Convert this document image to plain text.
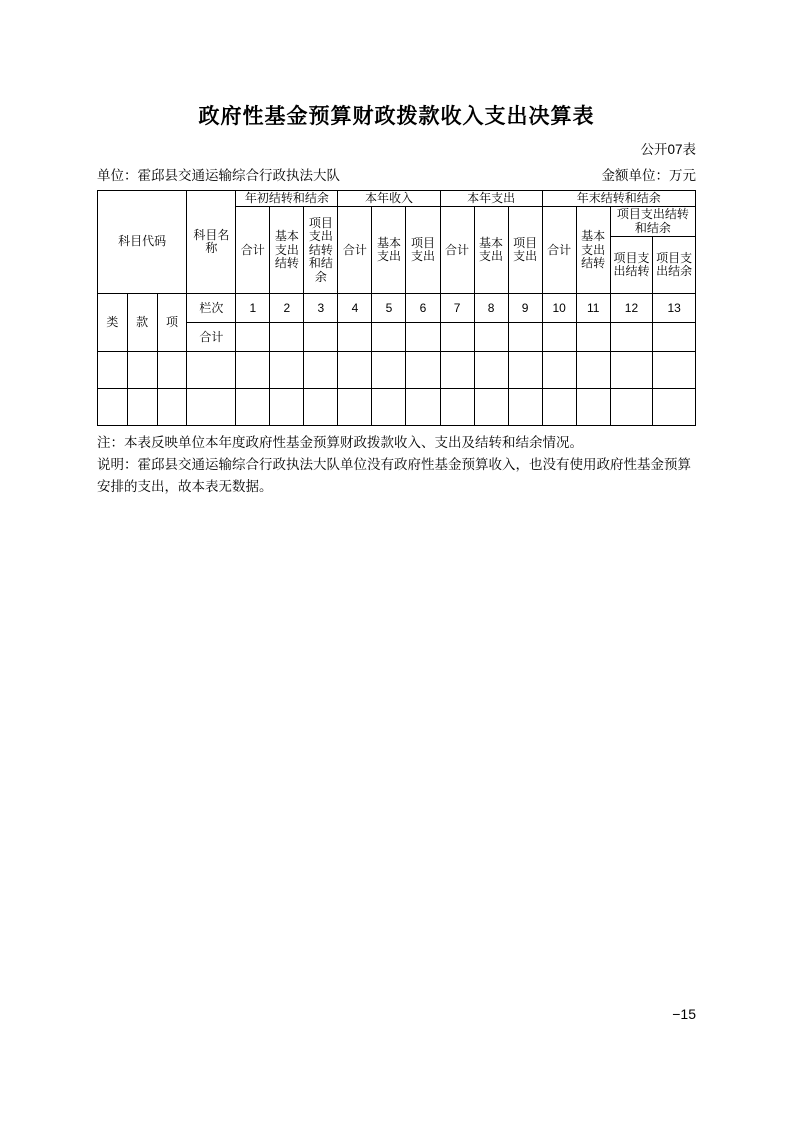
政府性基金预算财政拨款收入支出决算表
公开07表
单位：霍邱县交通运输综合行政执法大队	金额单位：万元
科目代码			科目名称	年初结转和结余			本年收入			本年支出			年末结转和结余			
				合计	基本支出结转	项目支出结转和结余	合计	基本支出	项目支出	合计	基本支出	项目支出	合计	基本支出结转	项目支出结转和结余	
															项目支出结转	项目支出结余
类	款	项	栏次	1	2	3	4	5	6	7	8	9	10	11	12	13
			合计													

注：本表反映单位本年度政府性基金预算财政拨款收入、支出及结转和结余情况。

说明：霍邱县交通运输综合行政执法大队单位没有政府性基金预算收入，也没有使用政府性基金预算安排的支出，故本表无数据。

−15
